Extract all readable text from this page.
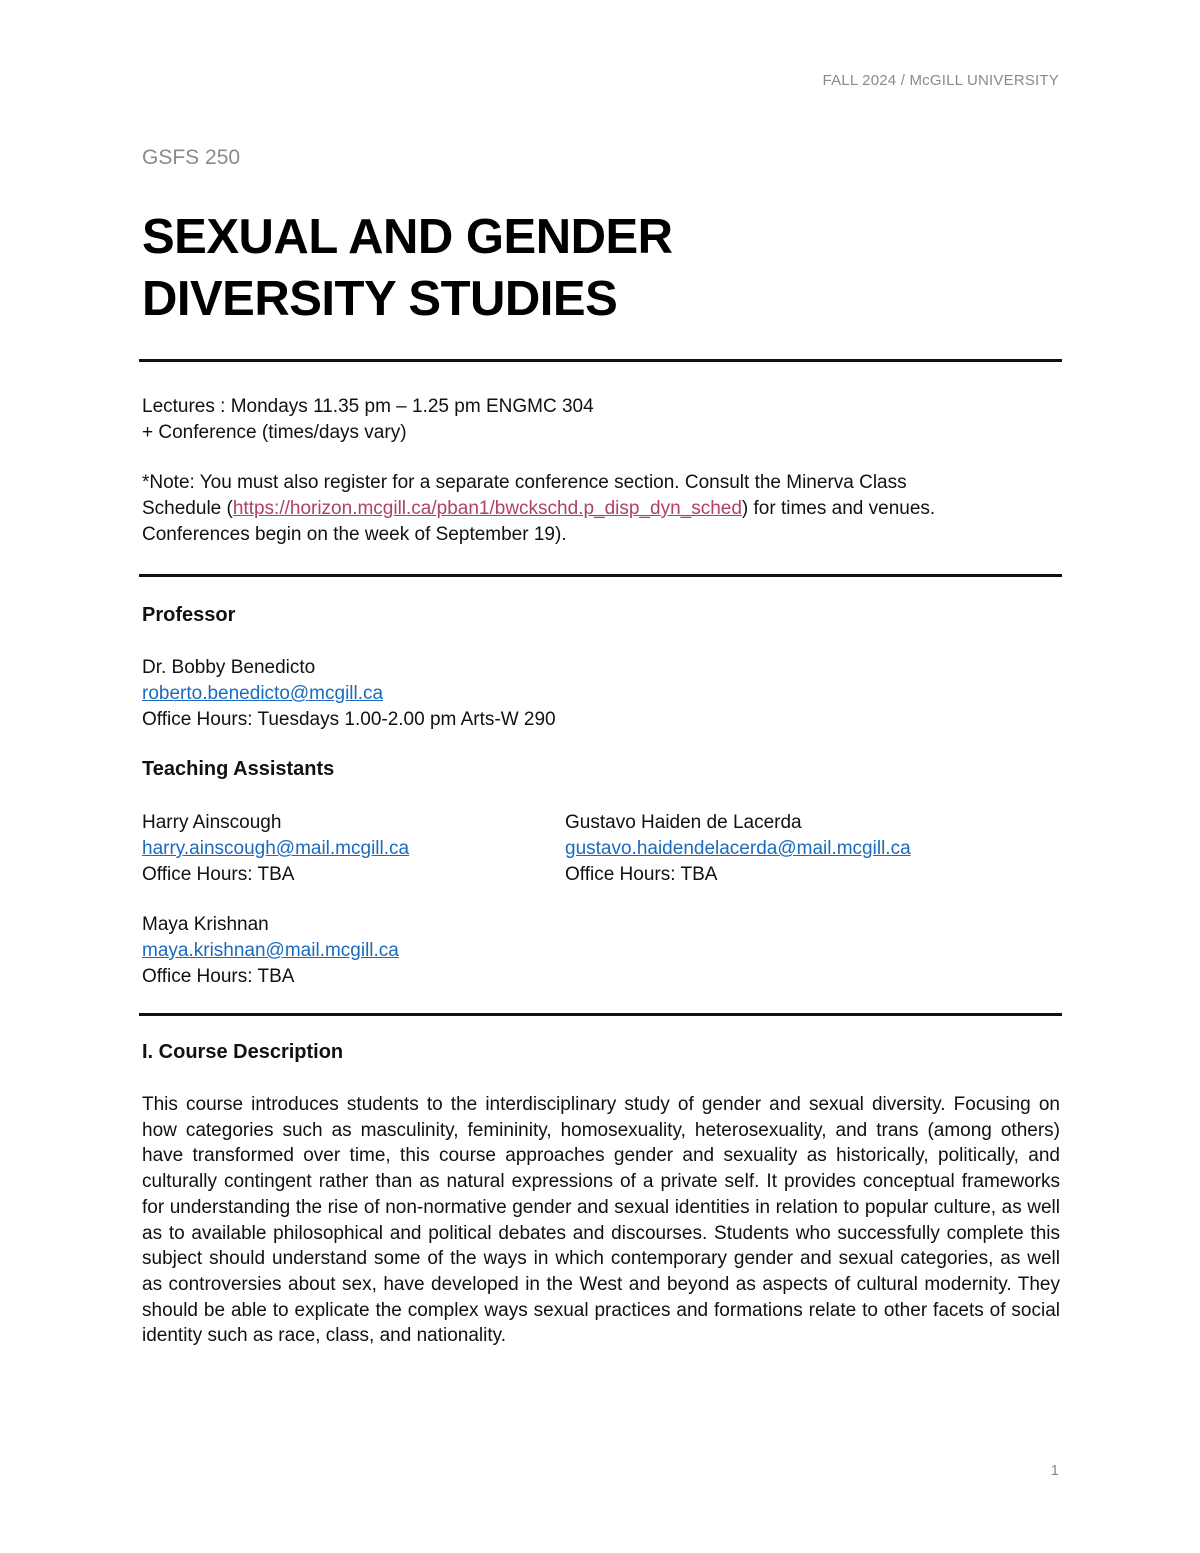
FALL 2024 / McGILL UNIVERSITY
GSFS 250
SEXUAL AND GENDER
DIVERSITY STUDIES
Lectures : Mondays 11.35 pm – 1.25 pm ENGMC 304
+ Conference (times/days vary)
*Note: You must also register for a separate conference section. Consult the Minerva Class
Schedule (https://horizon.mcgill.ca/pban1/bwckschd.p_disp_dyn_sched) for times and venues.
Conferences begin on the week of September 19).
Professor
Dr. Bobby Benedicto
roberto.benedicto@mcgill.ca
Office Hours: Tuesdays 1.00-2.00 pm Arts-W 290
Teaching Assistants
Harry Ainscough
harry.ainscough@mail.mcgill.ca
Office Hours: TBA
Gustavo Haiden de Lacerda
gustavo.haidendelacerda@mail.mcgill.ca
Office Hours: TBA
Maya Krishnan
maya.krishnan@mail.mcgill.ca
Office Hours: TBA
I. Course Description
This course introduces students to the interdisciplinary study of gender and sexual diversity. Focusing on how categories such as masculinity, femininity, homosexuality, heterosexuality, and trans (among others) have transformed over time, this course approaches gender and sexuality as historically, politically, and culturally contingent rather than as natural expressions of a private self. It provides conceptual frameworks for understanding the rise of non-normative gender and sexual identities in relation to popular culture, as well as to available philosophical and political debates and discourses. Students who successfully complete this subject should understand some of the ways in which contemporary gender and sexual categories, as well as controversies about sex, have developed in the West and beyond as aspects of cultural modernity. They should be able to explicate the complex ways sexual practices and formations relate to other facets of social identity such as race, class, and nationality.
1
